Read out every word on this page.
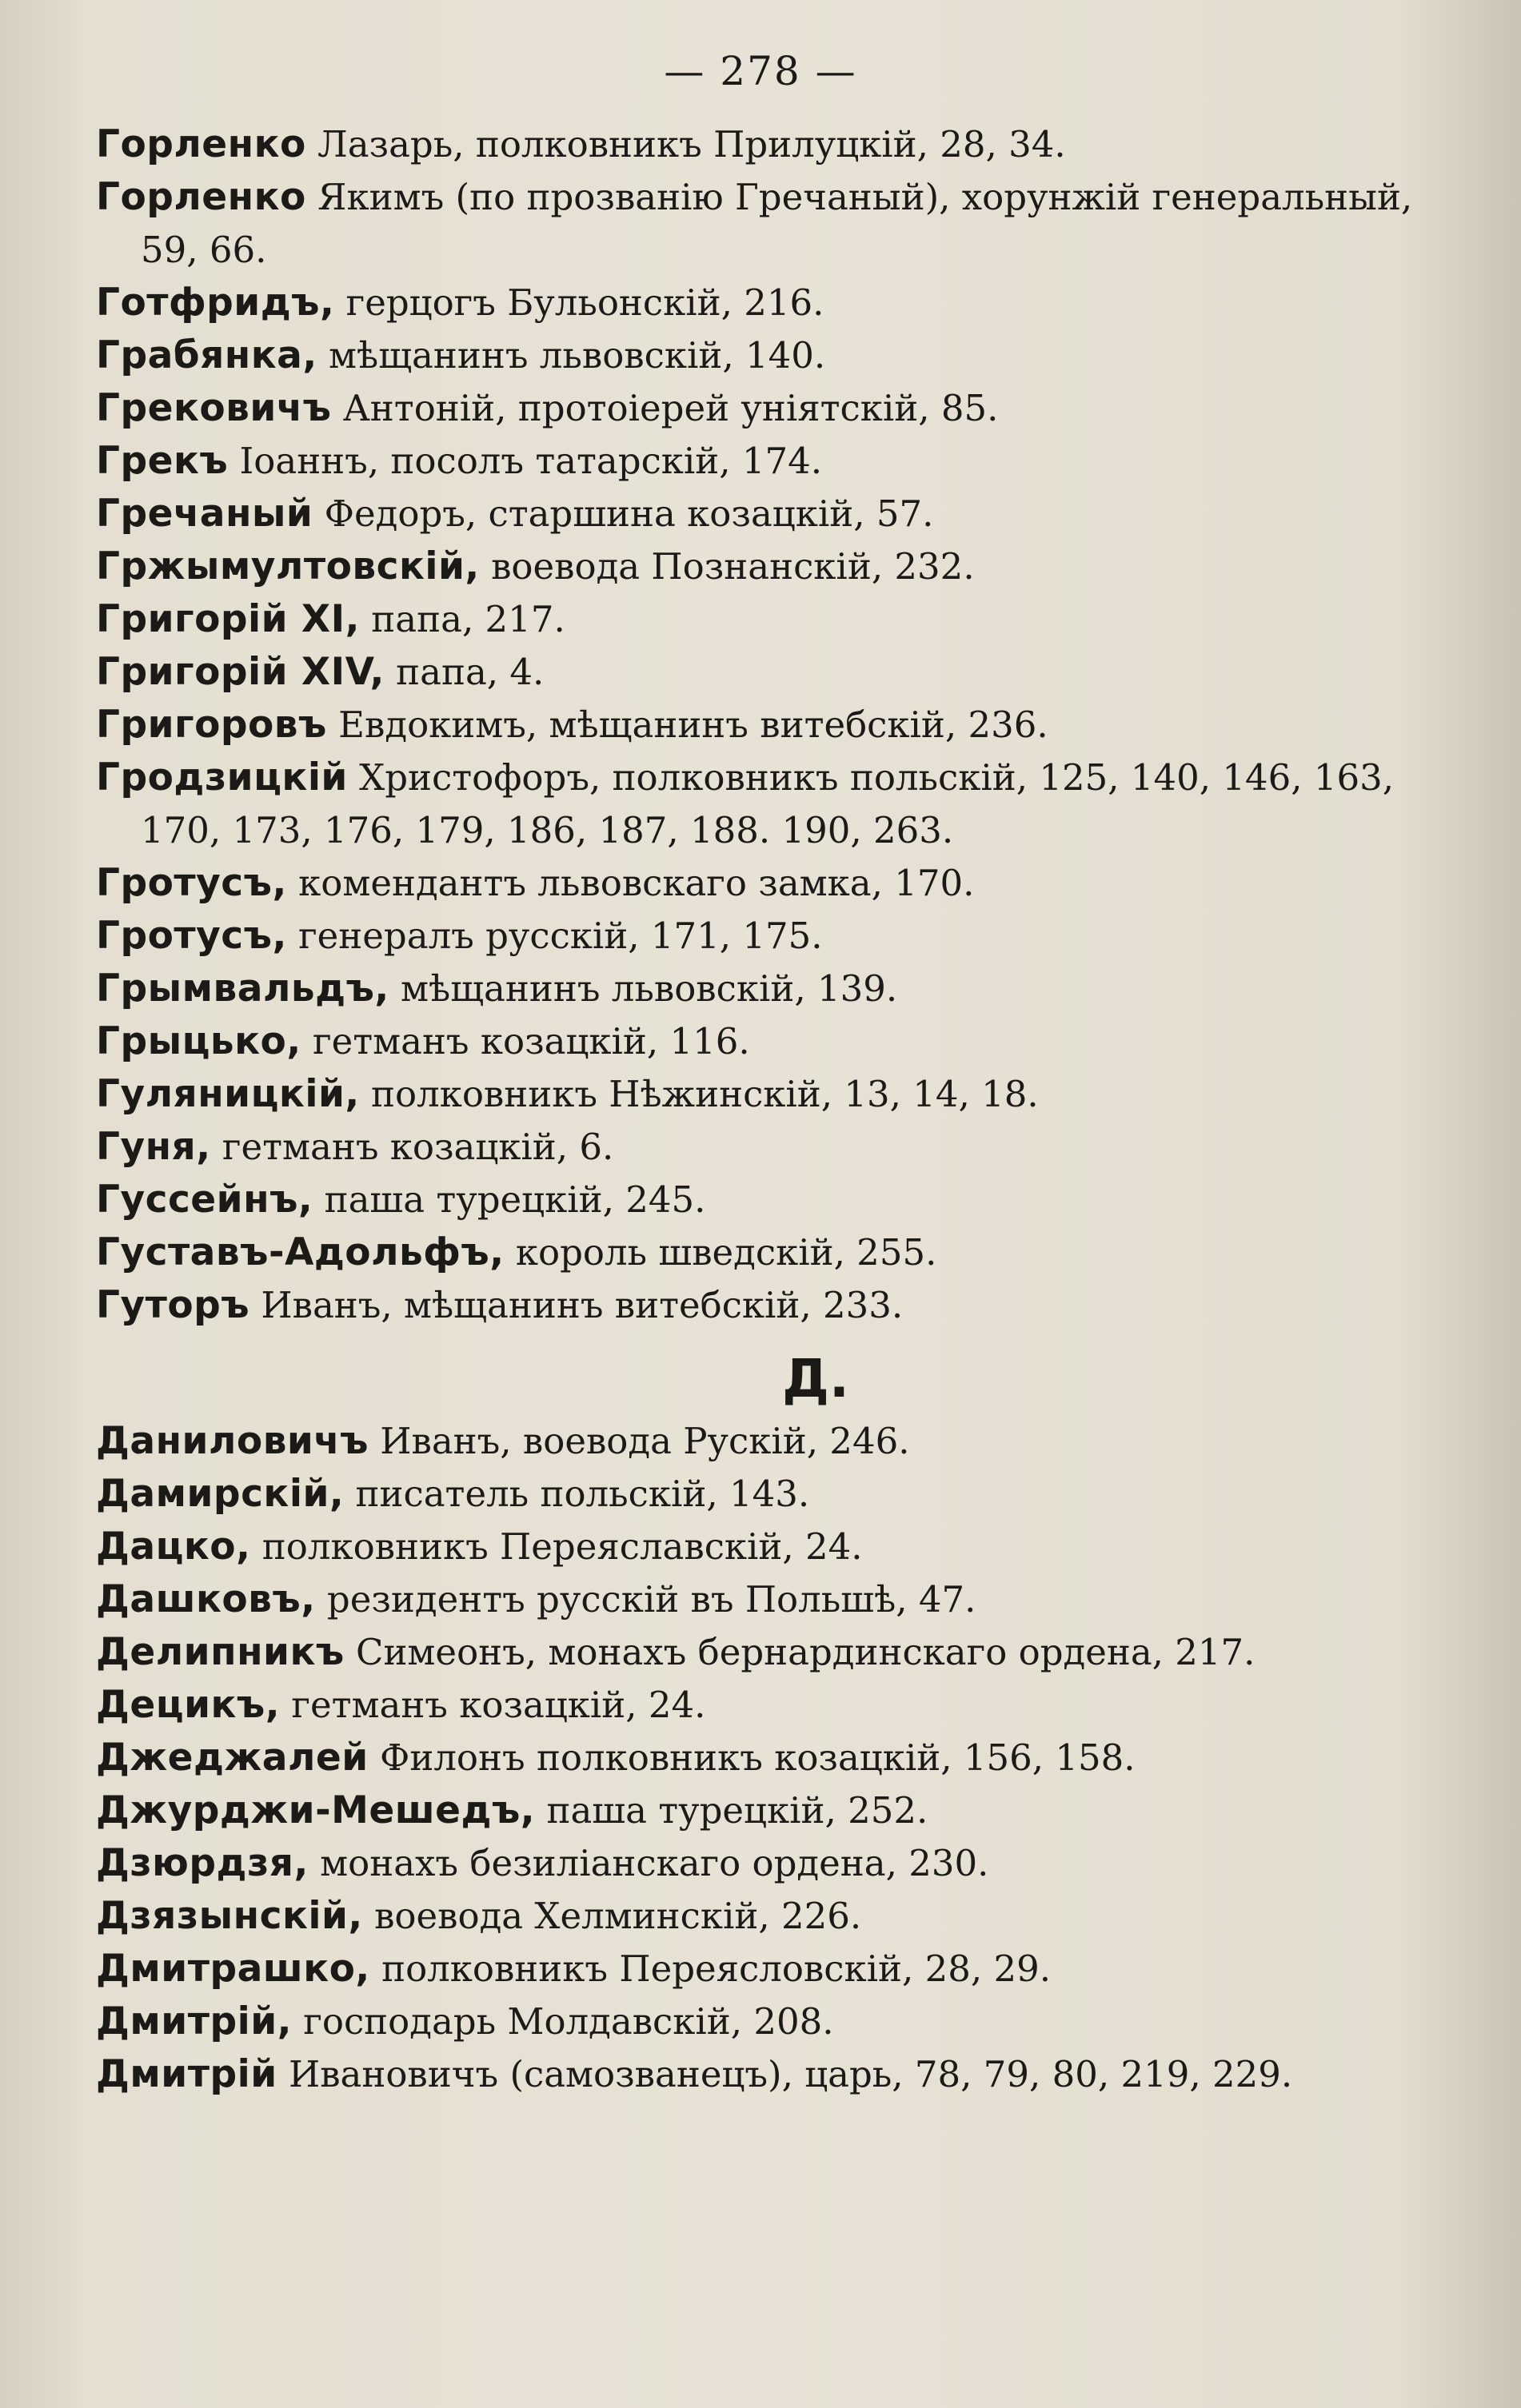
— 278 —
Горленко Лазарь, полковникъ Прилуцкій, 28, 34.
Горленко Якимъ (по прозванію Гречаный), хорунжій генеральный, 59, 66.
Готфридъ, герцогъ Бульонскій, 216.
Грабянка, мѣщанинъ львовскій, 140.
Грековичъ Антоній, протоіерей уніятскій, 85.
Грекъ Іоаннъ, посолъ татарскій, 174.
Гречаный Федоръ, старшина козацкій, 57.
Гржымултовскій, воевода Познанскій, 232.
Григорій XI, папа, 217.
Григорій XIV, папа, 4.
Григоровъ Евдокимъ, мѣщанинъ витебскій, 236.
Гродзицкій Христофоръ, полковникъ польскій, 125, 140, 146, 163, 170, 173, 176, 179, 186, 187, 188. 190, 263.
Гротусъ, комендантъ львовскаго замка, 170.
Гротусъ, генералъ русскій, 171, 175.
Грымвальдъ, мѣщанинъ львовскій, 139.
Грыцько, гетманъ козацкій, 116.
Гуляницкій, полковникъ Нѣжинскій, 13, 14, 18.
Гуня, гетманъ козацкій, 6.
Гуссейнъ, паша турецкій, 245.
Густавъ-Адольфъ, король шведскій, 255.
Гуторъ Иванъ, мѣщанинъ витебскій, 233.
Д.
Даниловичъ Иванъ, воевода Рускій, 246.
Дамирскій, писатель польскій, 143.
Дацко, полковникъ Переяславскій, 24.
Дашковъ, резидентъ русскій въ Польшѣ, 47.
Делипникъ Симеонъ, монахъ бернардинскаго ордена, 217.
Децикъ, гетманъ козацкій, 24.
Джеджалей Филонъ полковникъ козацкій, 156, 158.
Джурджи-Мешедъ, паша турецкій, 252.
Дзюрдзя, монахъ безиліанскаго ордена, 230.
Дзязынскій, воевода Хелминскій, 226.
Дмитрашко, полковникъ Переясловскій, 28, 29.
Дмитрій, господарь Молдавскій, 208.
Дмитрій Ивановичъ (самозванецъ), царь, 78, 79, 80, 219, 229.
